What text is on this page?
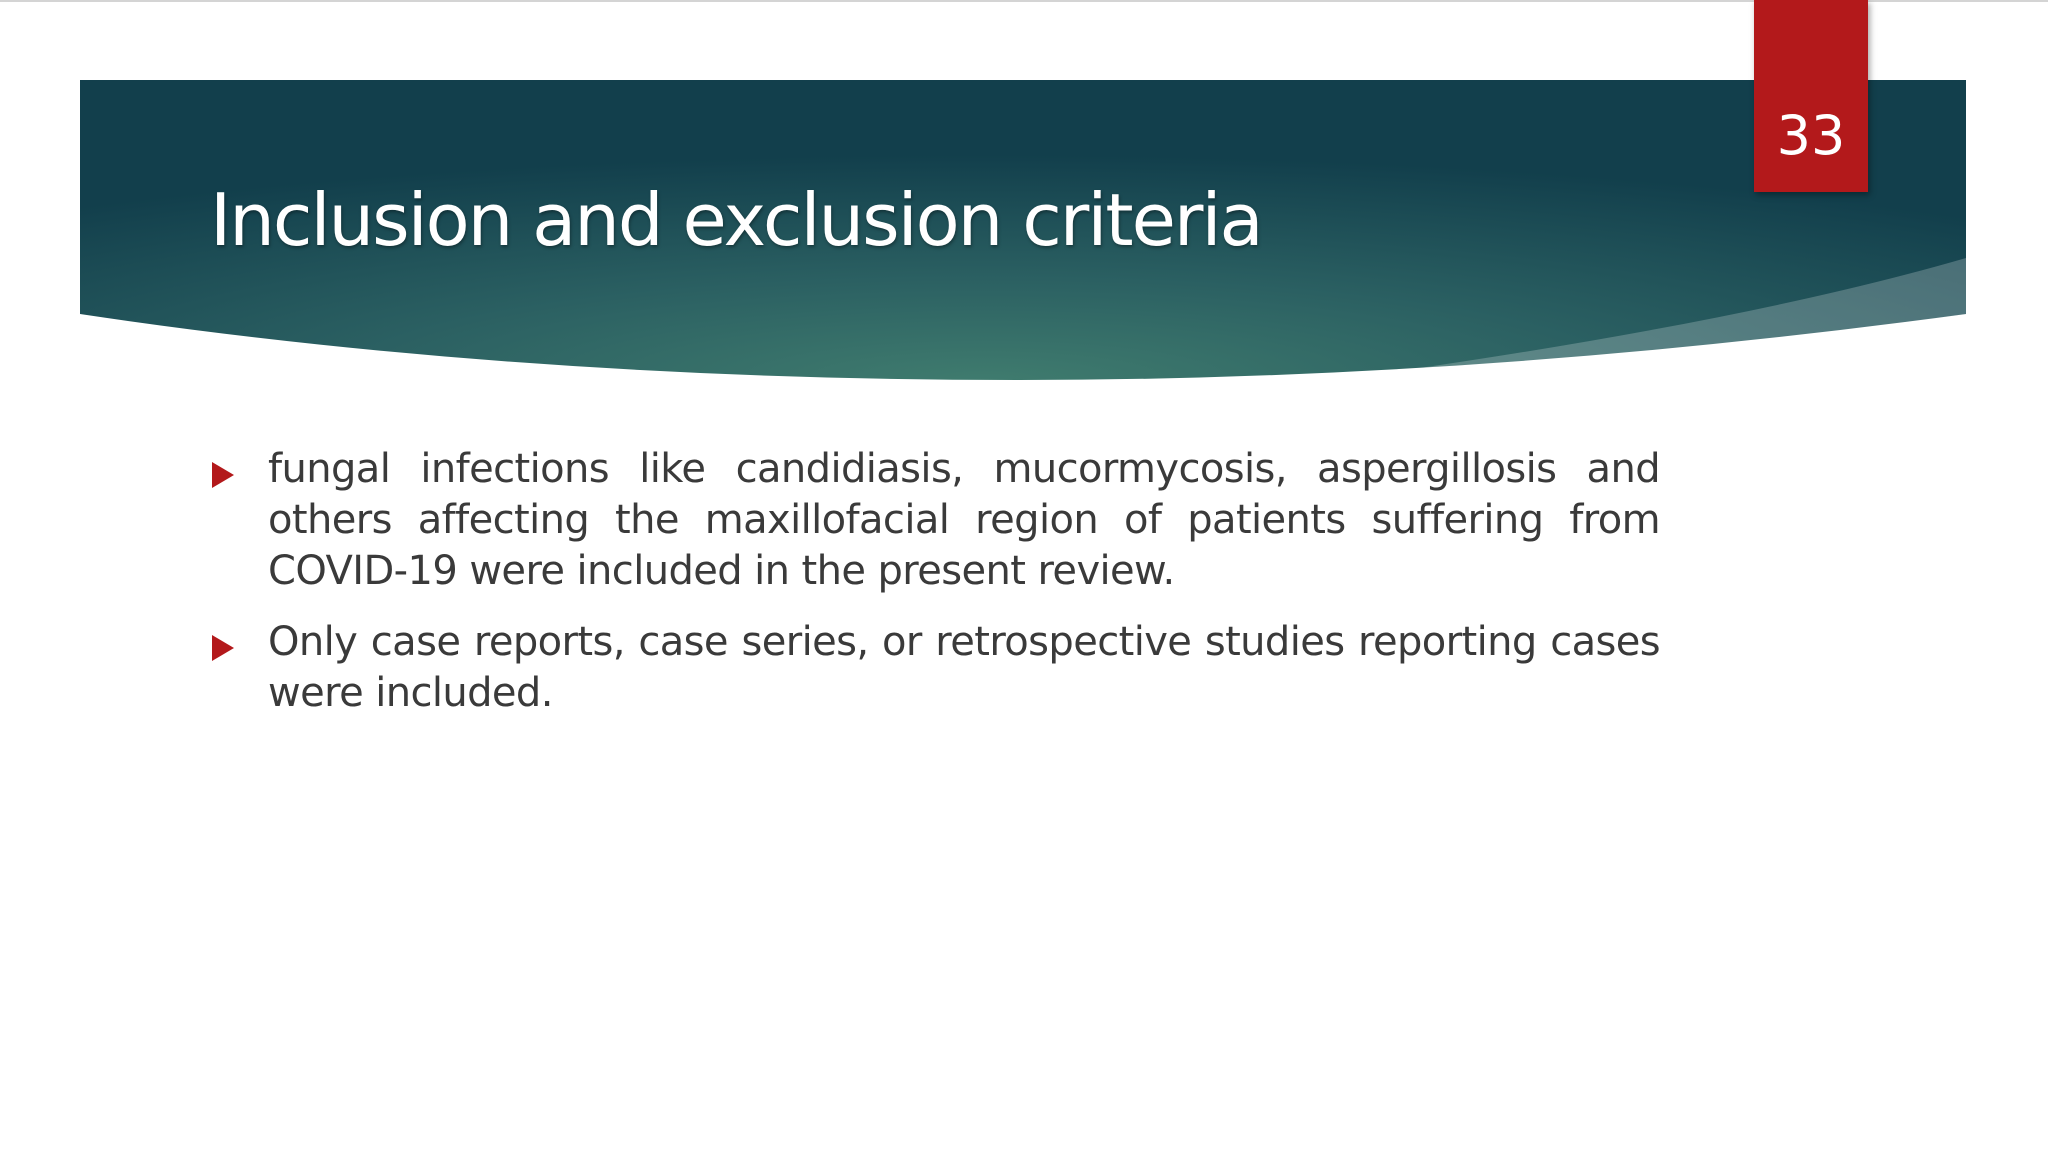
Inclusion and exclusion criteria
33
fungal infections like candidiasis, mucormycosis, aspergillosis and others affecting the maxillofacial region of patients suffering from COVID-19 were included in the present review.
Only case reports, case series, or retrospective studies reporting cases were included.
